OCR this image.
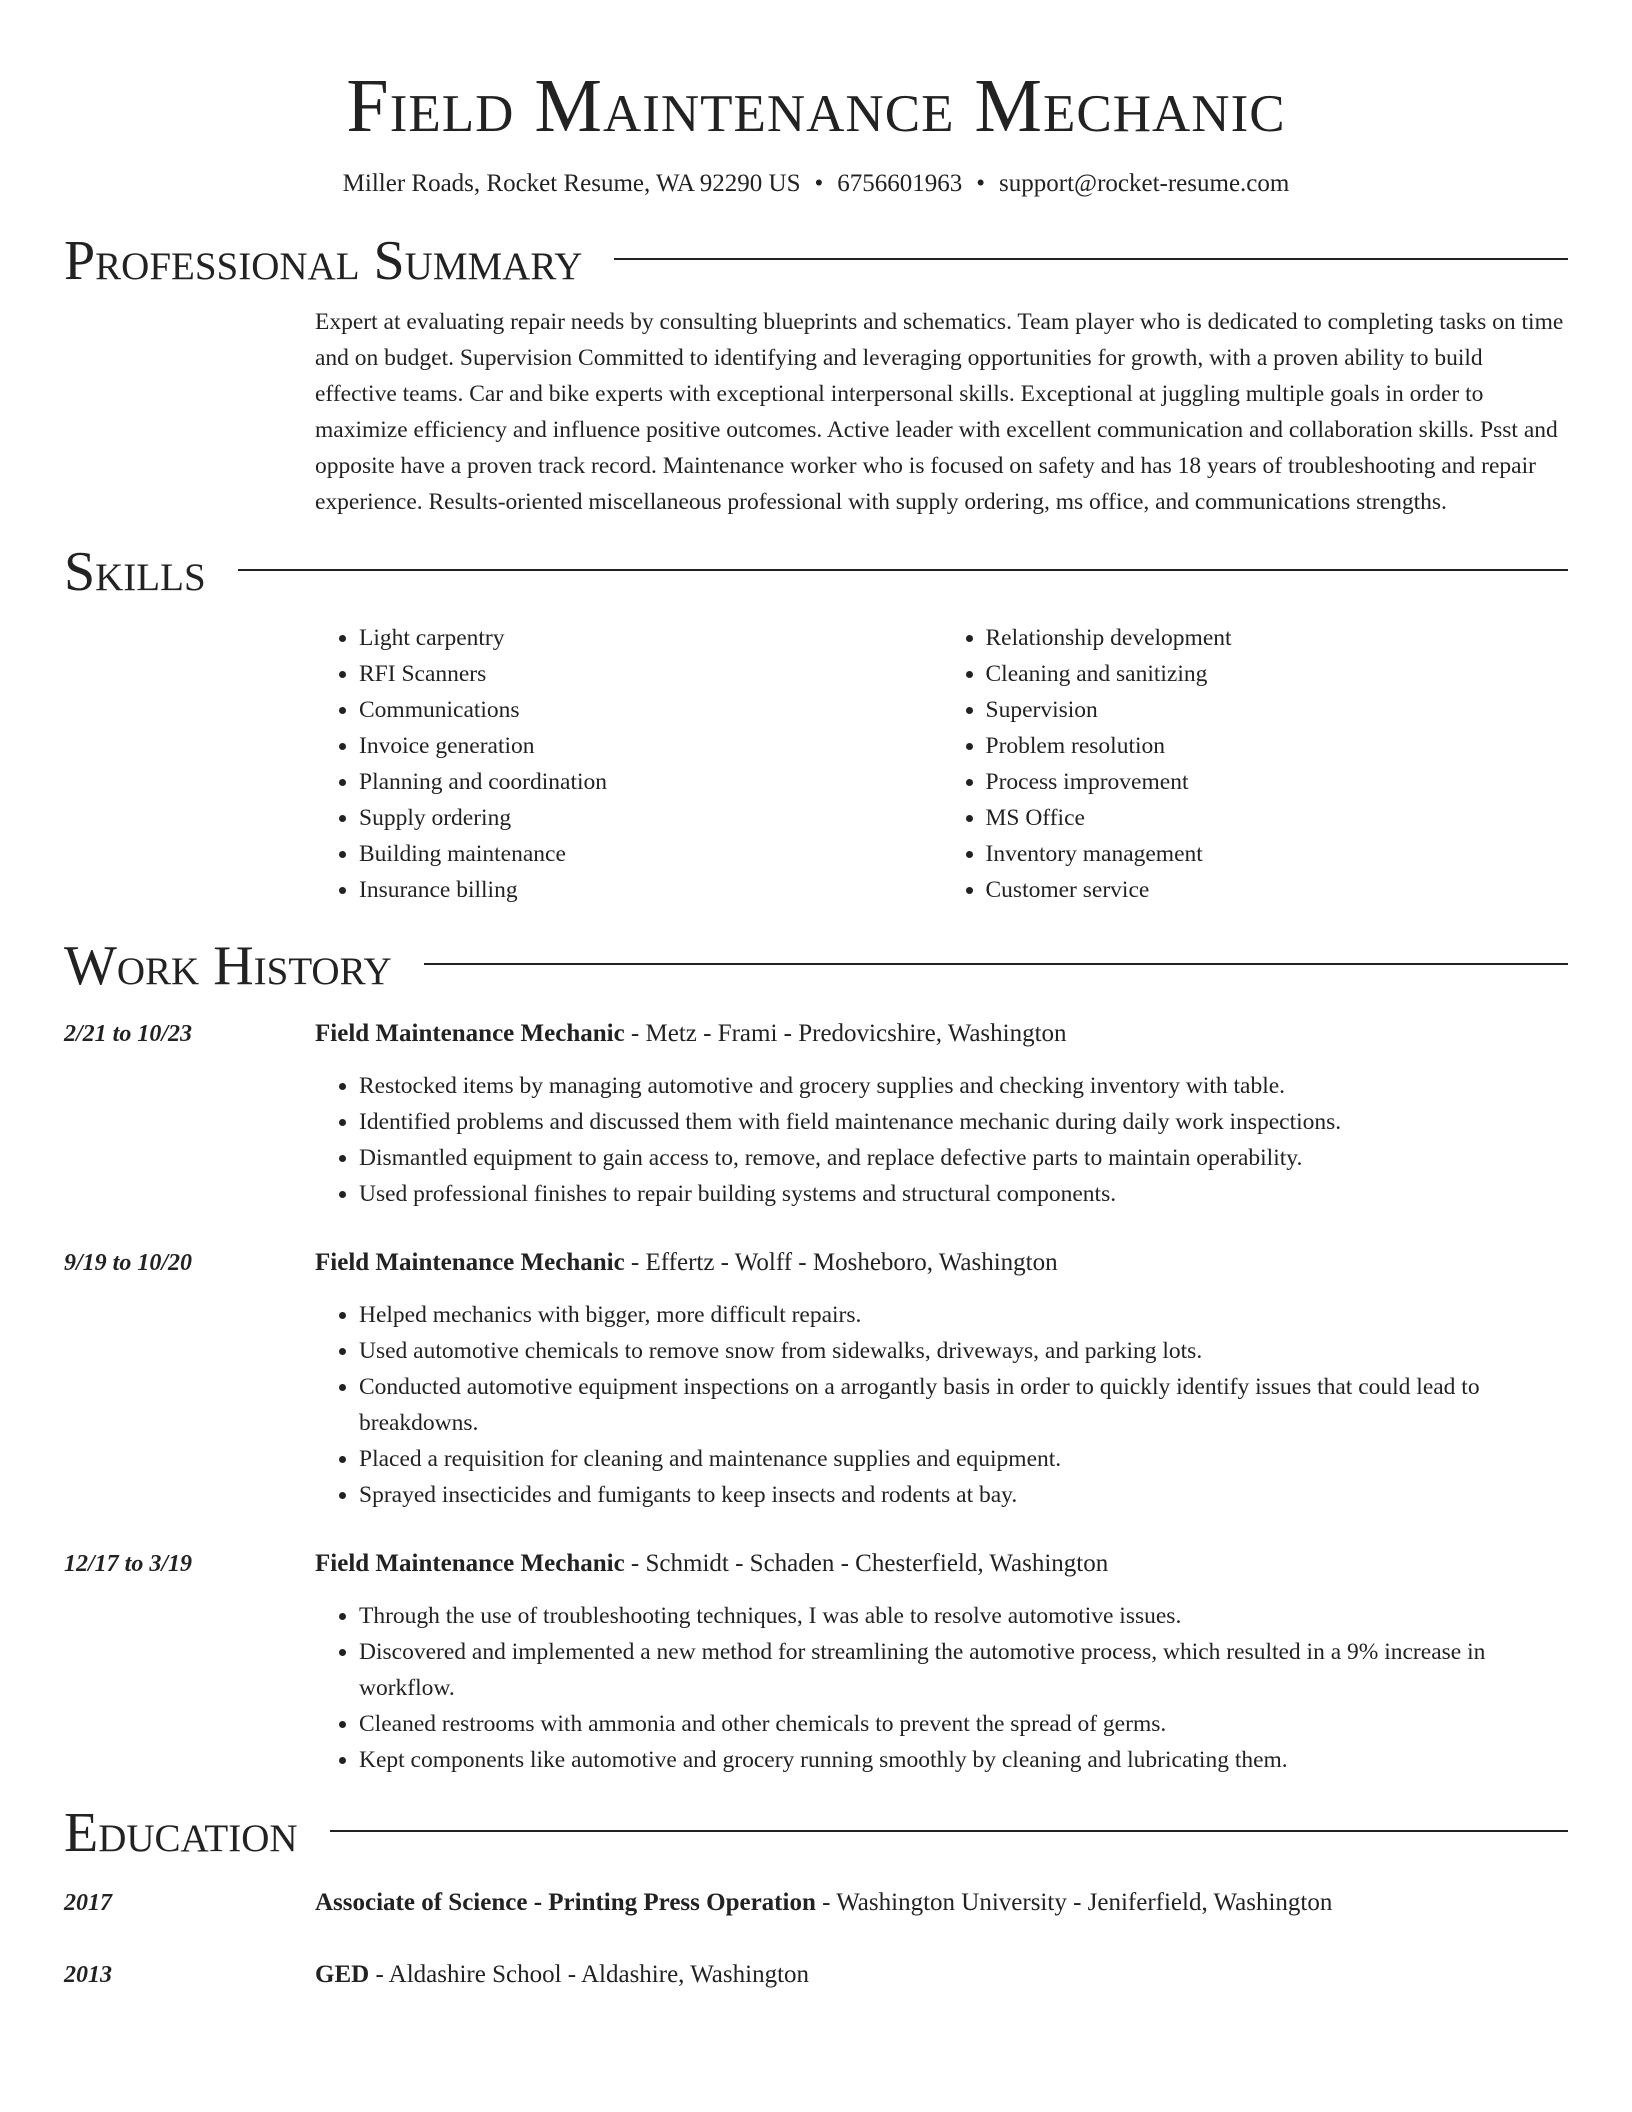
Field Maintenance Mechanic
Miller Roads, Rocket Resume, WA 92290 US • 6756601963 • support@rocket-resume.com
Professional Summary

Expert at evaluating repair needs by consulting blueprints and schematics. Team player who is dedicated to completing tasks on time and on budget. Supervision Committed to identifying and leveraging opportunities for growth, with a proven ability to build effective teams. Car and bike experts with exceptional interpersonal skills. Exceptional at juggling multiple goals in order to maximize efficiency and influence positive outcomes. Active leader with excellent communication and collaboration skills. Psst and opposite have a proven track record. Maintenance worker who is focused on safety and has 18 years of troubleshooting and repair experience. Results-oriented miscellaneous professional with supply ordering, ms office, and communications strengths.

Skills
• Light carpentry
• RFI Scanners
• Communications
• Invoice generation
• Planning and coordination
• Supply ordering
• Building maintenance
• Insurance billing
• Relationship development
• Cleaning and sanitizing
• Supervision
• Problem resolution
• Process improvement
• MS Office
• Inventory management
• Customer service
Work History
2/21 to 10/23	Field Maintenance Mechanic - Metz - Frami - Predovicshire, Washington
• Restocked items by managing automotive and grocery supplies and checking inventory with table.
• Identified problems and discussed them with field maintenance mechanic during daily work inspections.
• Dismantled equipment to gain access to, remove, and replace defective parts to maintain operability.
• Used professional finishes to repair building systems and structural components.
9/19 to 10/20	Field Maintenance Mechanic - Effertz - Wolff - Mosheboro, Washington
• Helped mechanics with bigger, more difficult repairs.
• Used automotive chemicals to remove snow from sidewalks, driveways, and parking lots.
• Conducted automotive equipment inspections on a arrogantly basis in order to quickly identify issues that could lead to breakdowns.
• Placed a requisition for cleaning and maintenance supplies and equipment.
• Sprayed insecticides and fumigants to keep insects and rodents at bay.
12/17 to 3/19	Field Maintenance Mechanic - Schmidt - Schaden - Chesterfield, Washington
• Through the use of troubleshooting techniques, I was able to resolve automotive issues.
• Discovered and implemented a new method for streamlining the automotive process, which resulted in a 9% increase in workflow.
• Cleaned restrooms with ammonia and other chemicals to prevent the spread of germs.
• Kept components like automotive and grocery running smoothly by cleaning and lubricating them.
Education
2017	Associate of Science - Printing Press Operation - Washington University - Jeniferfield, Washington
2013	GED - Aldashire School - Aldashire, Washington
